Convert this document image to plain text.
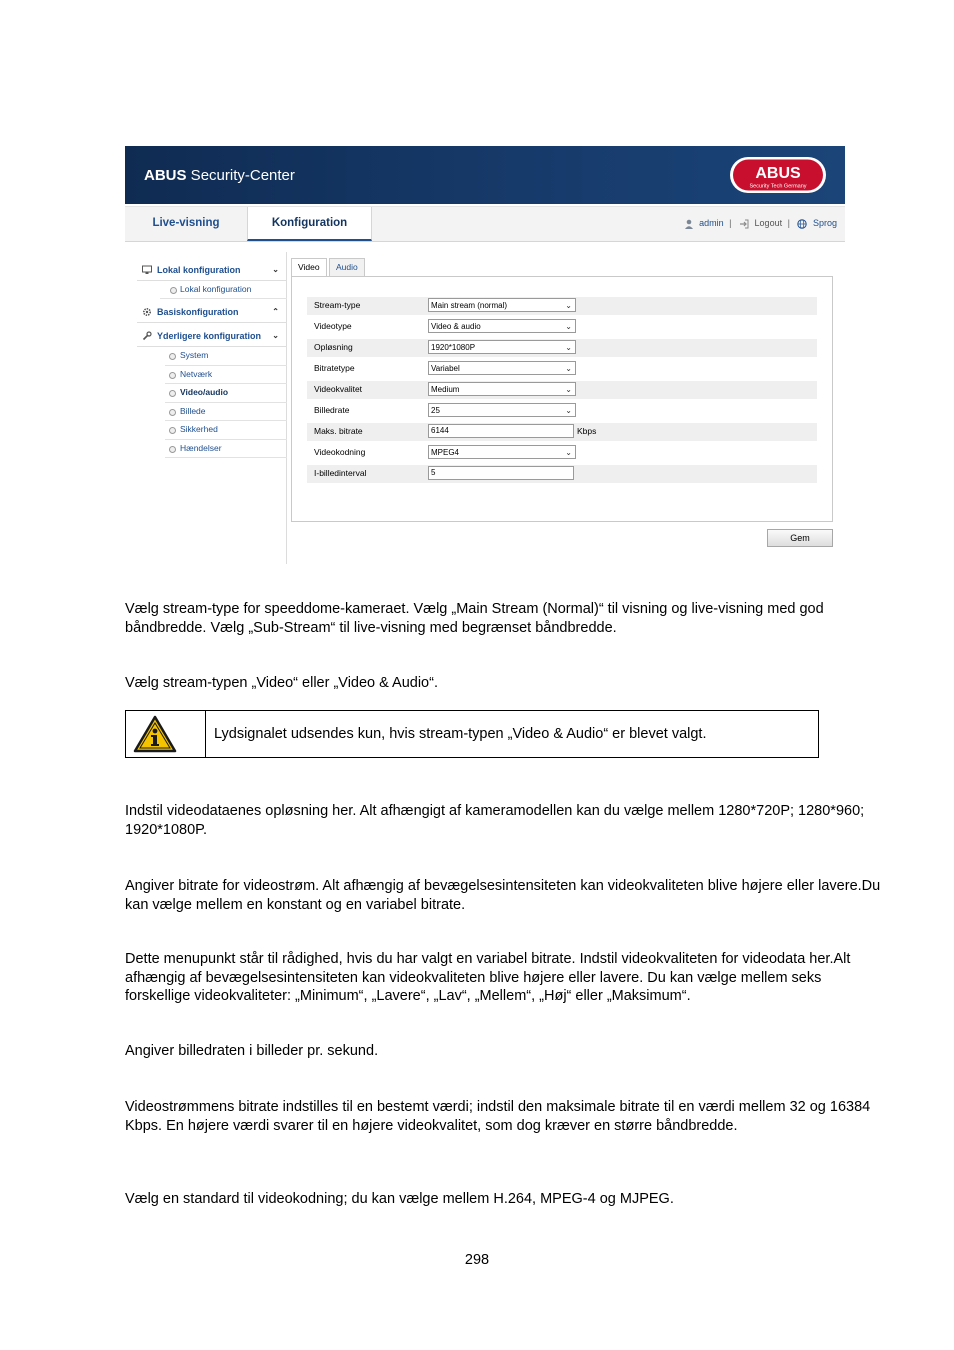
ABUS Security-Center	ABUS
Security Tech Germany
Live-visning	Konfiguration	admin |	Logout |	Sprog
Lokal konfiguration	⌄
Lokal konfiguration
Basiskonfiguration	⌃
Yderligere konfiguration ⌄
System
Netværk
Video/audio
Billede
Sikkerhed
Hændelser
Video	Audio
Stream-type	Main stream (normal)	⌄
Videotype	Video & audio	⌄
Opløsning	1920*1080P	⌄
Bitratetype	Variabel	⌄
Videokvalitet	Medium	⌄
Billedrate	25	⌄
Maks. bitrate	6144	Kbps
Videokodning	MPEG4	⌄
I-billedinterval	5
Gem
Vælg stream-type for speeddome-kameraet. Vælg „Main Stream (Normal)“ til visning og live-visning med god båndbredde. Vælg „Sub-Stream“ til live-visning med begrænset båndbredde.
Vælg stream-typen „Video“ eller „Video & Audio“.
Lydsignalet udsendes kun, hvis stream-typen „Video & Audio“ er blevet valgt.
Indstil videodataenes opløsning her. Alt afhængigt af kameramodellen kan du vælge mellem 1280*720P; 1280*960; 1920*1080P.
Angiver bitrate for videostrøm. Alt afhængig af bevægelsesintensiteten kan videokvaliteten blive højere eller lavere.Du kan vælge mellem en konstant og en variabel bitrate.
Dette menupunkt står til rådighed, hvis du har valgt en variabel bitrate. Indstil videokvaliteten for videodata her.Alt afhængig af bevægelsesintensiteten kan videokvaliteten blive højere eller lavere. Du kan vælge mellem seks forskellige videokvaliteter: „Minimum“, „Lavere“, „Lav“, „Mellem“, „Høj“ eller „Maksimum“.
Angiver billedraten i billeder pr. sekund.
Videostrømmens bitrate indstilles til en bestemt værdi; indstil den maksimale bitrate til en værdi mellem 32 og 16384 Kbps. En højere værdi svarer til en højere videokvalitet, som dog kræver en større båndbredde.
Vælg en standard til videokodning; du kan vælge mellem H.264, MPEG-4 og MJPEG.
298
